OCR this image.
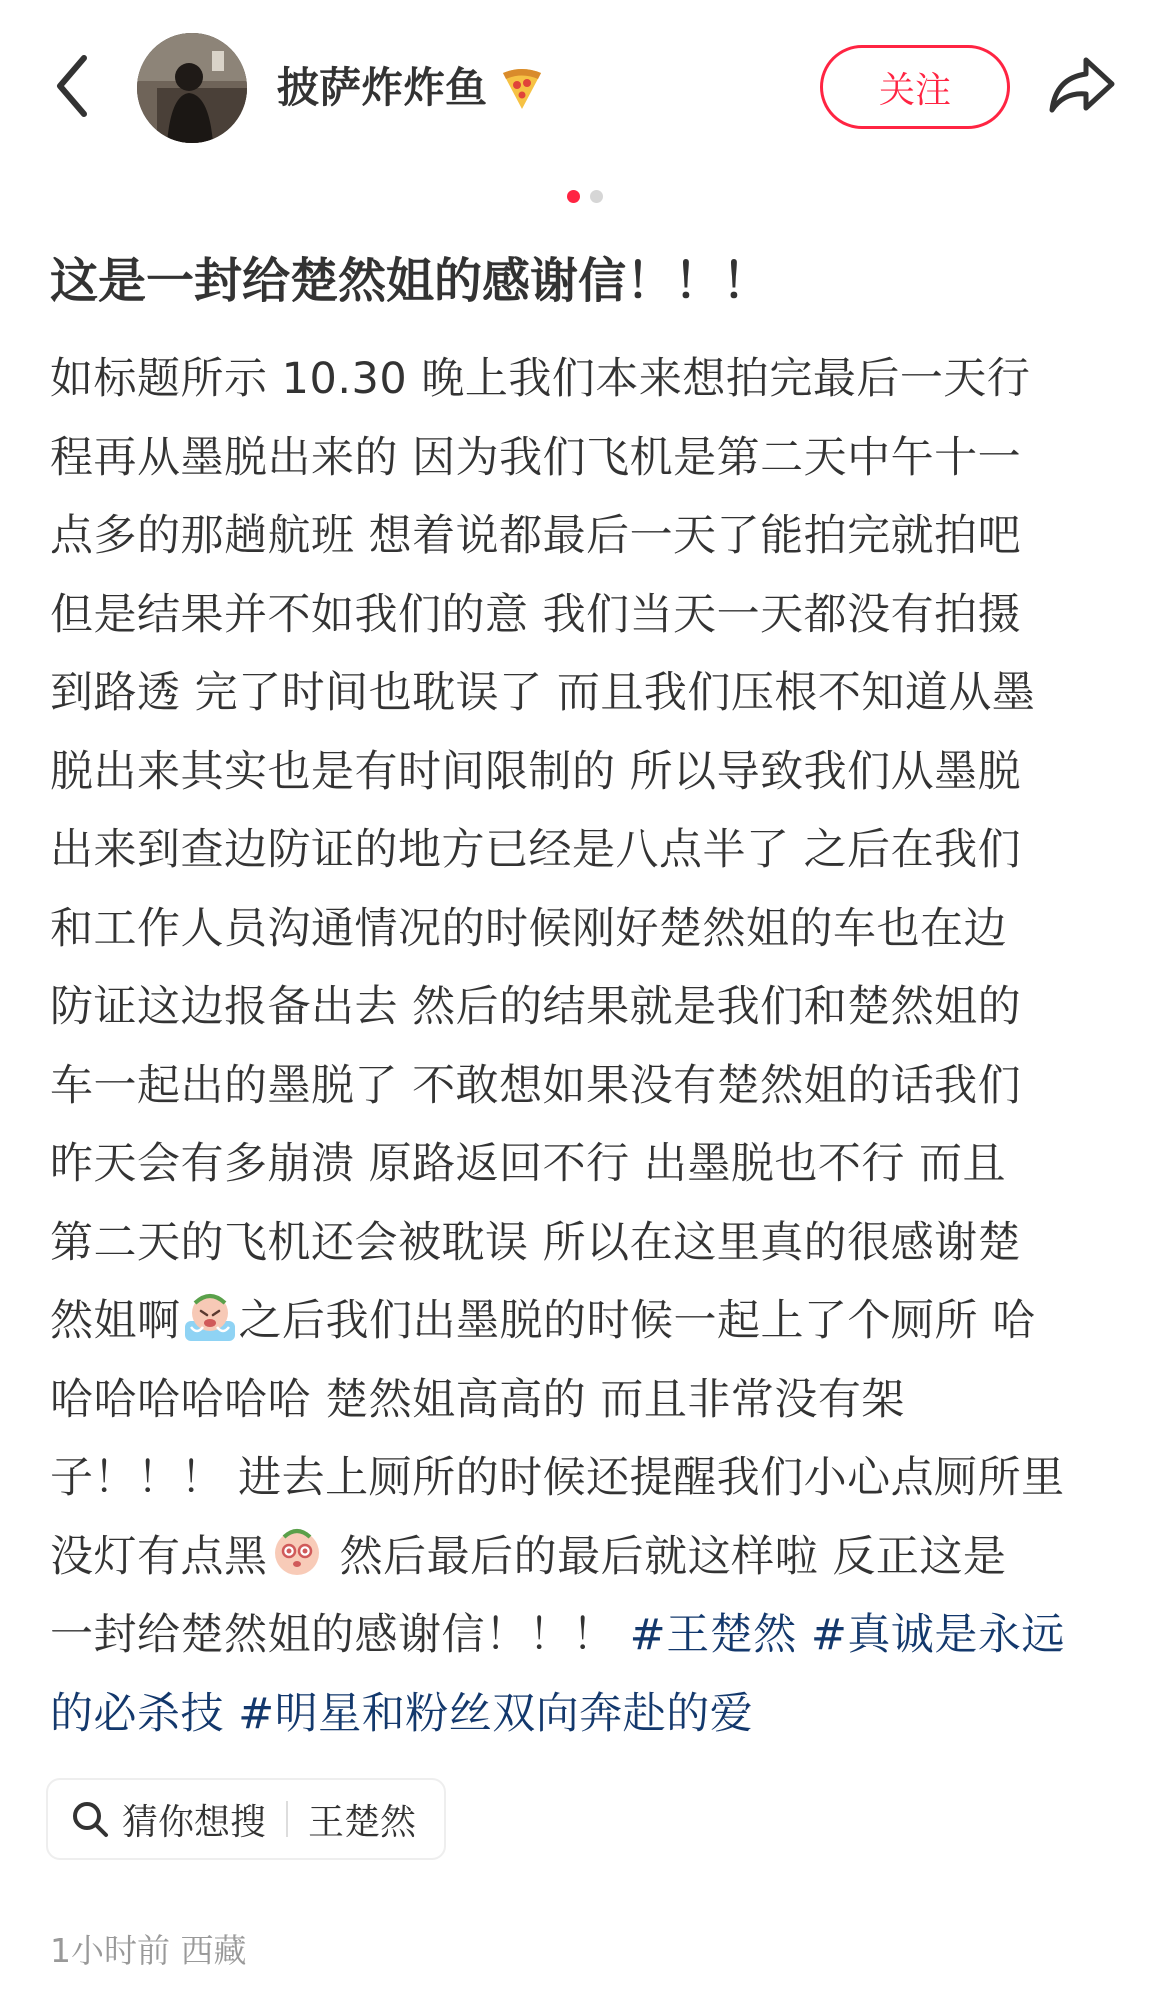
披萨炸炸鱼	关注
这是一封给楚然姐的感谢信！！！
如标题所示 10.30 晚上我们本来想拍完最后一天行
程再从墨脱出来的 因为我们飞机是第二天中午十一
点多的那趟航班 想着说都最后一天了能拍完就拍吧
但是结果并不如我们的意 我们当天一天都没有拍摄
到路透 完了时间也耽误了 而且我们压根不知道从墨
脱出来其实也是有时间限制的 所以导致我们从墨脱
出来到查边防证的地方已经是八点半了 之后在我们
和工作人员沟通情况的时候刚好楚然姐的车也在边
防证这边报备出去 然后的结果就是我们和楚然姐的
车一起出的墨脱了 不敢想如果没有楚然姐的话我们
昨天会有多崩溃 原路返回不行 出墨脱也不行 而且
第二天的飞机还会被耽误 所以在这里真的很感谢楚
然姐啊 之后我们出墨脱的时候一起上了个厕所 哈
哈哈哈哈哈哈 楚然姐高高的 而且非常没有架
子！！！ 进去上厕所的时候还提醒我们小心点厕所里
没灯有点黑 然后最后的最后就这样啦 反正这是
一封给楚然姐的感谢信！！！ #王楚然 #真诚是永远
的必杀技 #明星和粉丝双向奔赴的爱
猜你想搜 王楚然
1小时前 西藏
